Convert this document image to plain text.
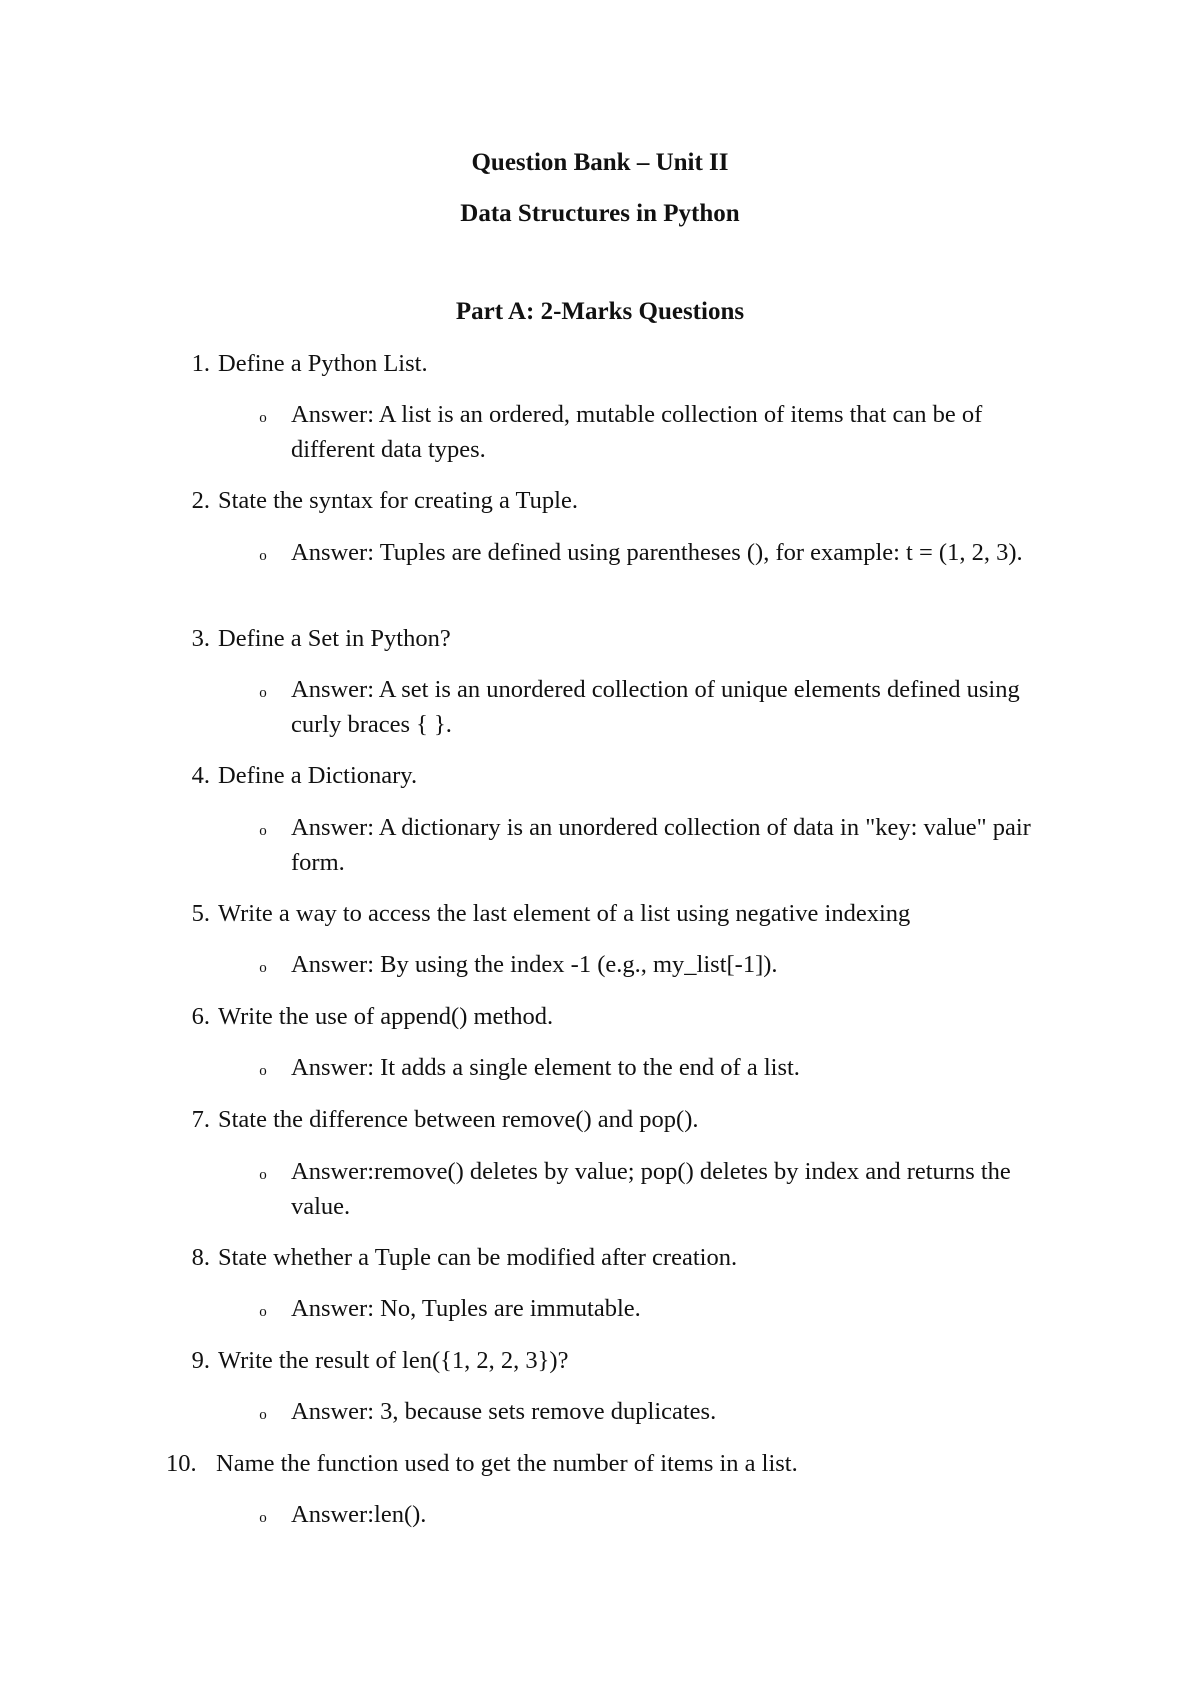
Question Bank – Unit II
Data Structures in Python
Part A: 2-Marks Questions
1. Define a Python List.
o Answer: A list is an ordered, mutable collection of items that can be of different data types.
2. State the syntax for creating a Tuple.
o Answer: Tuples are defined using parentheses (), for example: t = (1, 2, 3).
3. Define a Set in Python?
o Answer: A set is an unordered collection of unique elements defined using curly braces { }.
4. Define a Dictionary.
o Answer: A dictionary is an unordered collection of data in "key: value" pair form.
5. Write a way to access the last element of a list using negative indexing
o Answer: By using the index -1 (e.g., my_list[-1]).
6. Write the use of append() method.
o Answer: It adds a single element to the end of a list.
7. State the difference between remove() and pop().
o Answer:remove() deletes by value; pop() deletes by index and returns the value.
8. State whether a Tuple can be modified after creation.
o Answer: No, Tuples are immutable.
9. Write the result of len({1, 2, 2, 3})?
o Answer: 3, because sets remove duplicates.
10. Name the function used to get the number of items in a list.
o Answer:len().
